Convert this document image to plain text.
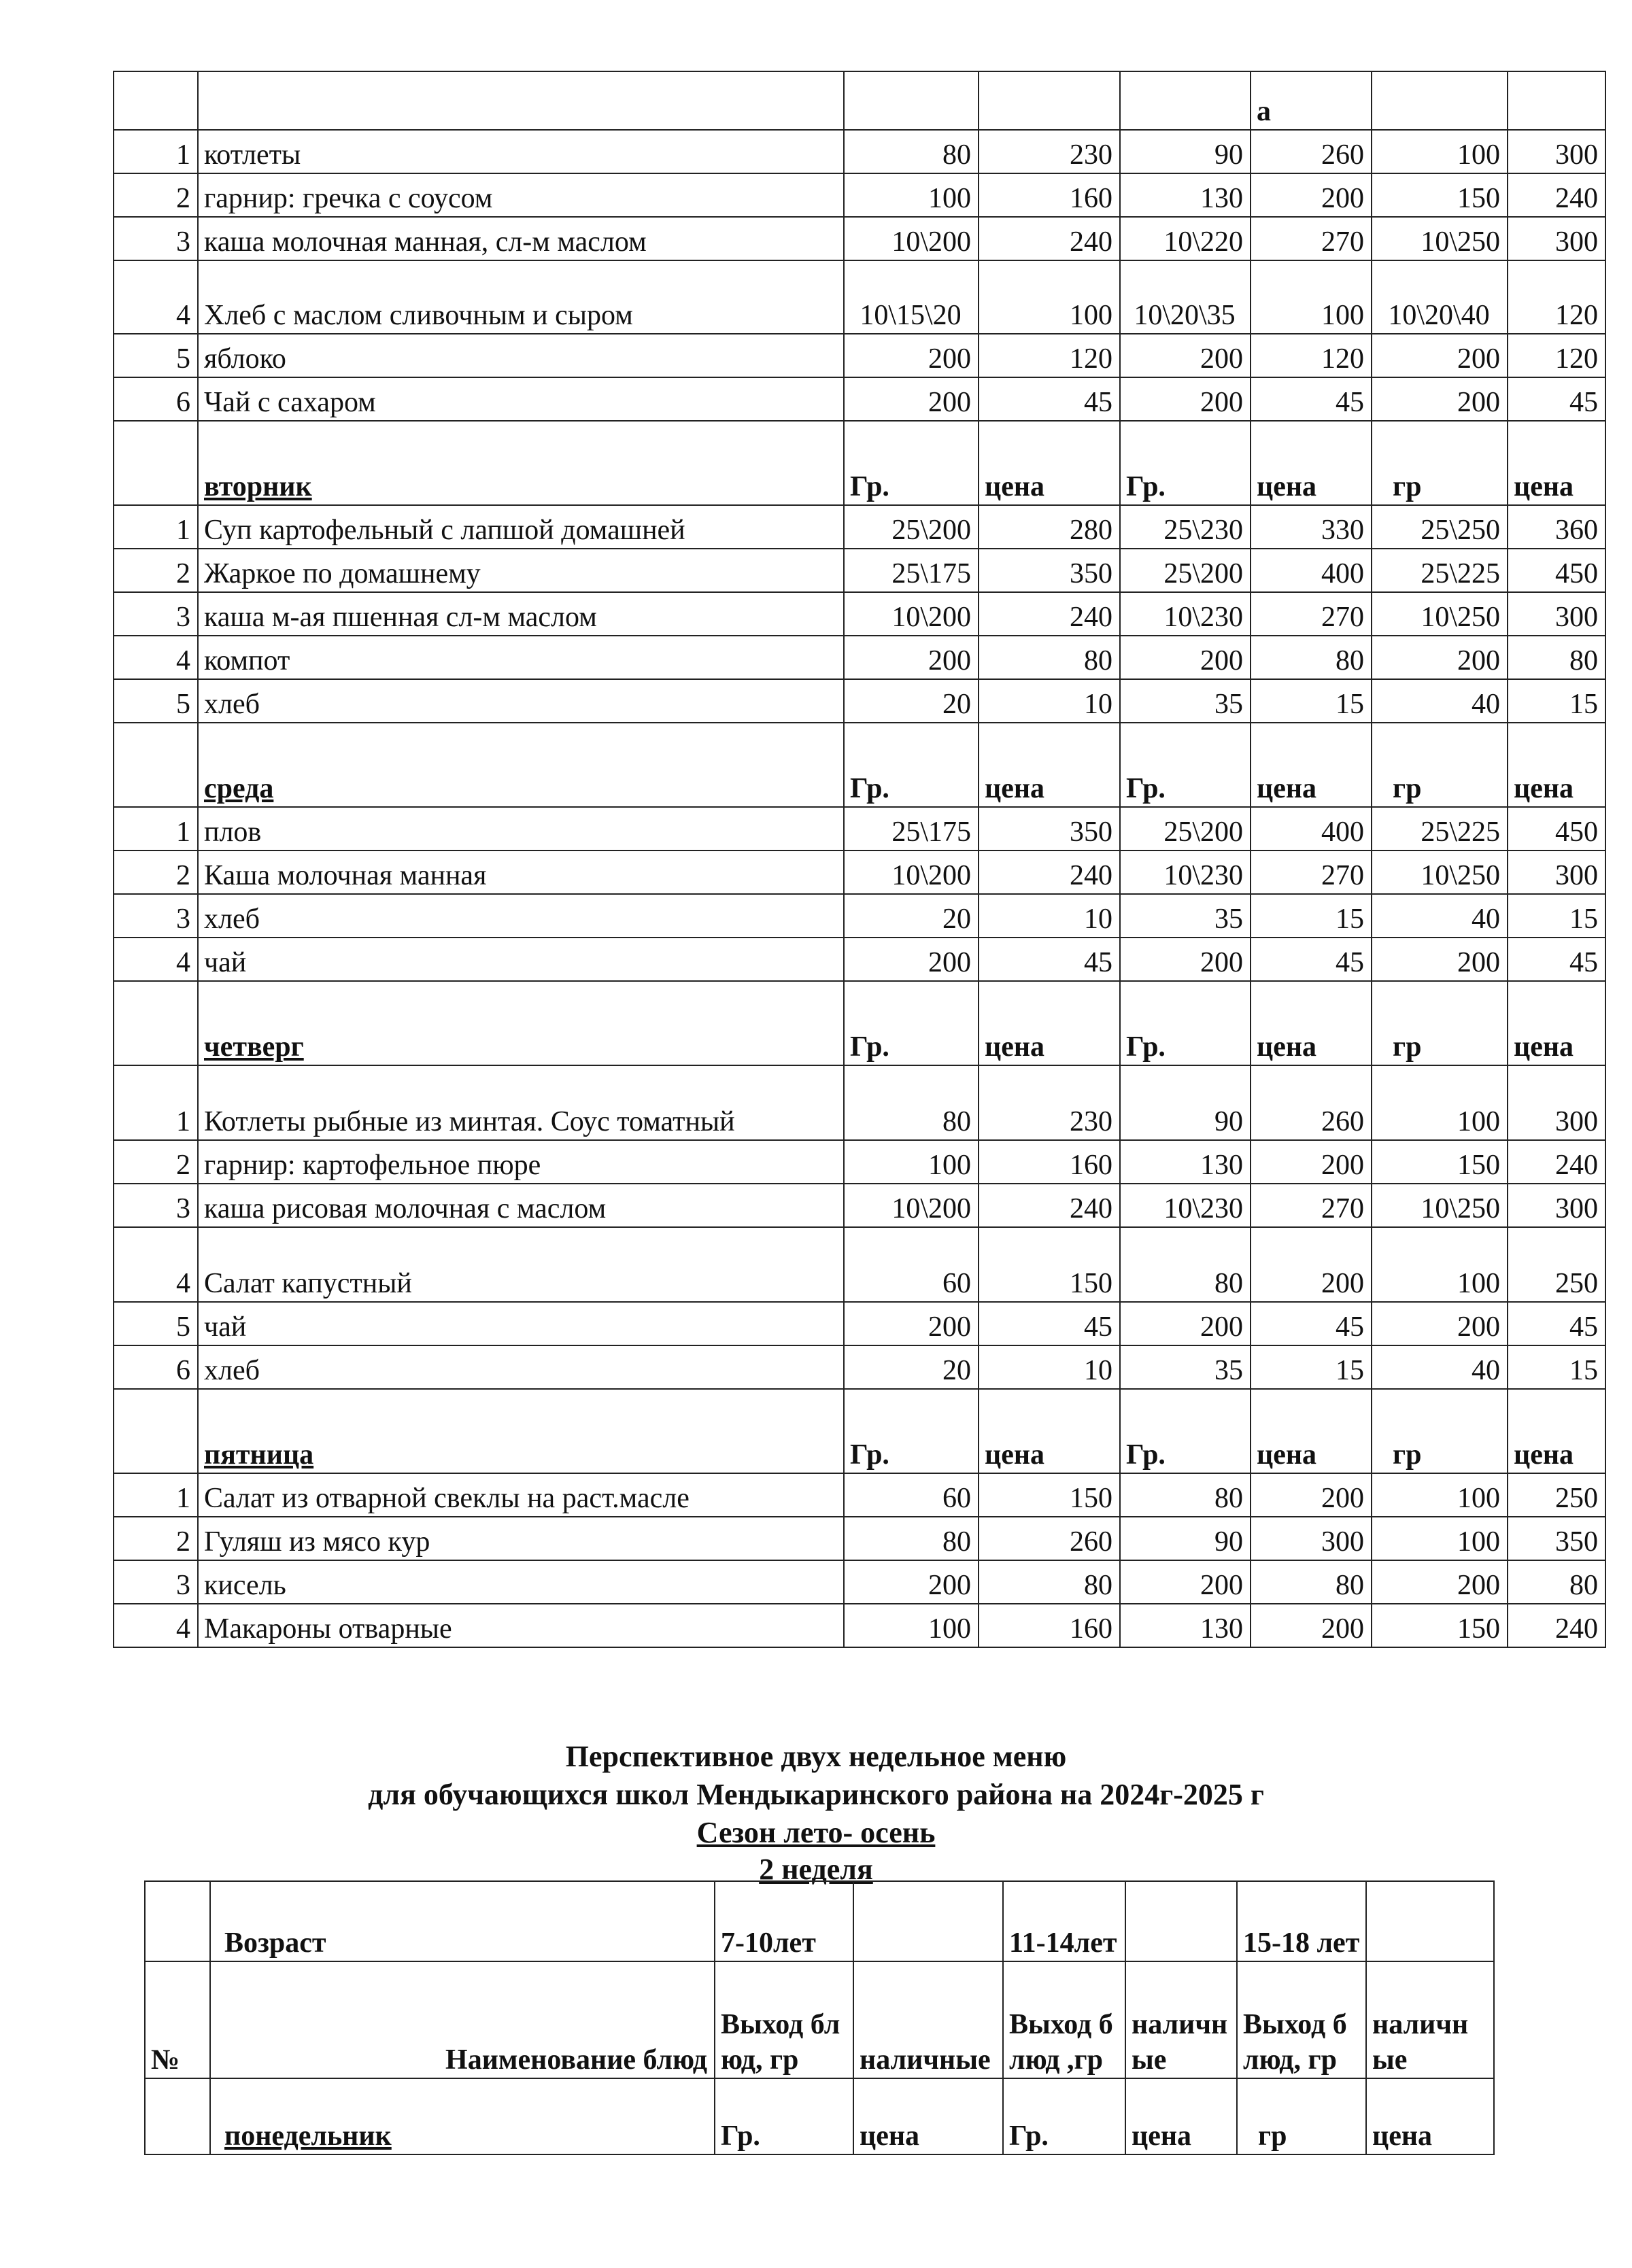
					а		
1	котлеты	80	230	90	260	100	300
2	гарнир: гречка с соусом	100	160	130	200	150	240
3	каша молочная манная, сл-м маслом	10\200	240	10\220	270	10\250	300
4	Хлеб с маслом сливочным и сыром	10\15\20	100	10\20\35	100	10\20\40	120
5	яблоко	200	120	200	120	200	120
6	Чай с сахаром	200	45	200	45	200	45
	вторник	Гр.	цена	Гр.	цена	гр	цена
1	Суп картофельный с лапшой домашней	25\200	280	25\230	330	25\250	360
2	Жаркое по домашнему	25\175	350	25\200	400	25\225	450
3	каша м-ая пшенная сл-м маслом	10\200	240	10\230	270	10\250	300
4	компот	200	80	200	80	200	80
5	хлеб	20	10	35	15	40	15
	среда	Гр.	цена	Гр.	цена	гр	цена
1	плов	25\175	350	25\200	400	25\225	450
2	Каша молочная манная	10\200	240	10\230	270	10\250	300
3	хлеб	20	10	35	15	40	15
4	чай	200	45	200	45	200	45
	четверг	Гр.	цена	Гр.	цена	гр	цена
1	Котлеты рыбные из минтая. Соус томатный	80	230	90	260	100	300
2	гарнир: картофельное пюре	100	160	130	200	150	240
3	каша рисовая молочная с маслом	10\200	240	10\230	270	10\250	300
4	Салат капустный	60	150	80	200	100	250
5	чай	200	45	200	45	200	45
6	хлеб	20	10	35	15	40	15
	пятница	Гр.	цена	Гр.	цена	гр	цена
1	Салат из отварной свеклы на раст.масле	60	150	80	200	100	250
2	Гуляш из мясо кур	80	260	90	300	100	350
3	кисель	200	80	200	80	200	80
4	Макароны отварные	100	160	130	200	150	240
Перспективное двух недельное меню
для обучающихся школ Мендыкаринского района на 2024г-2025 г
Сезон лето- осень
2 неделя
	Возраст	7-10лет		11-14лет		15-18 лет	
№	Наименование блюд	Выход блюд, гр	наличные	Выход блюд ,гр	наличные	Выход блюд, гр	наличные
	понедельник	Гр.	цена	Гр.	цена	гр	цена
